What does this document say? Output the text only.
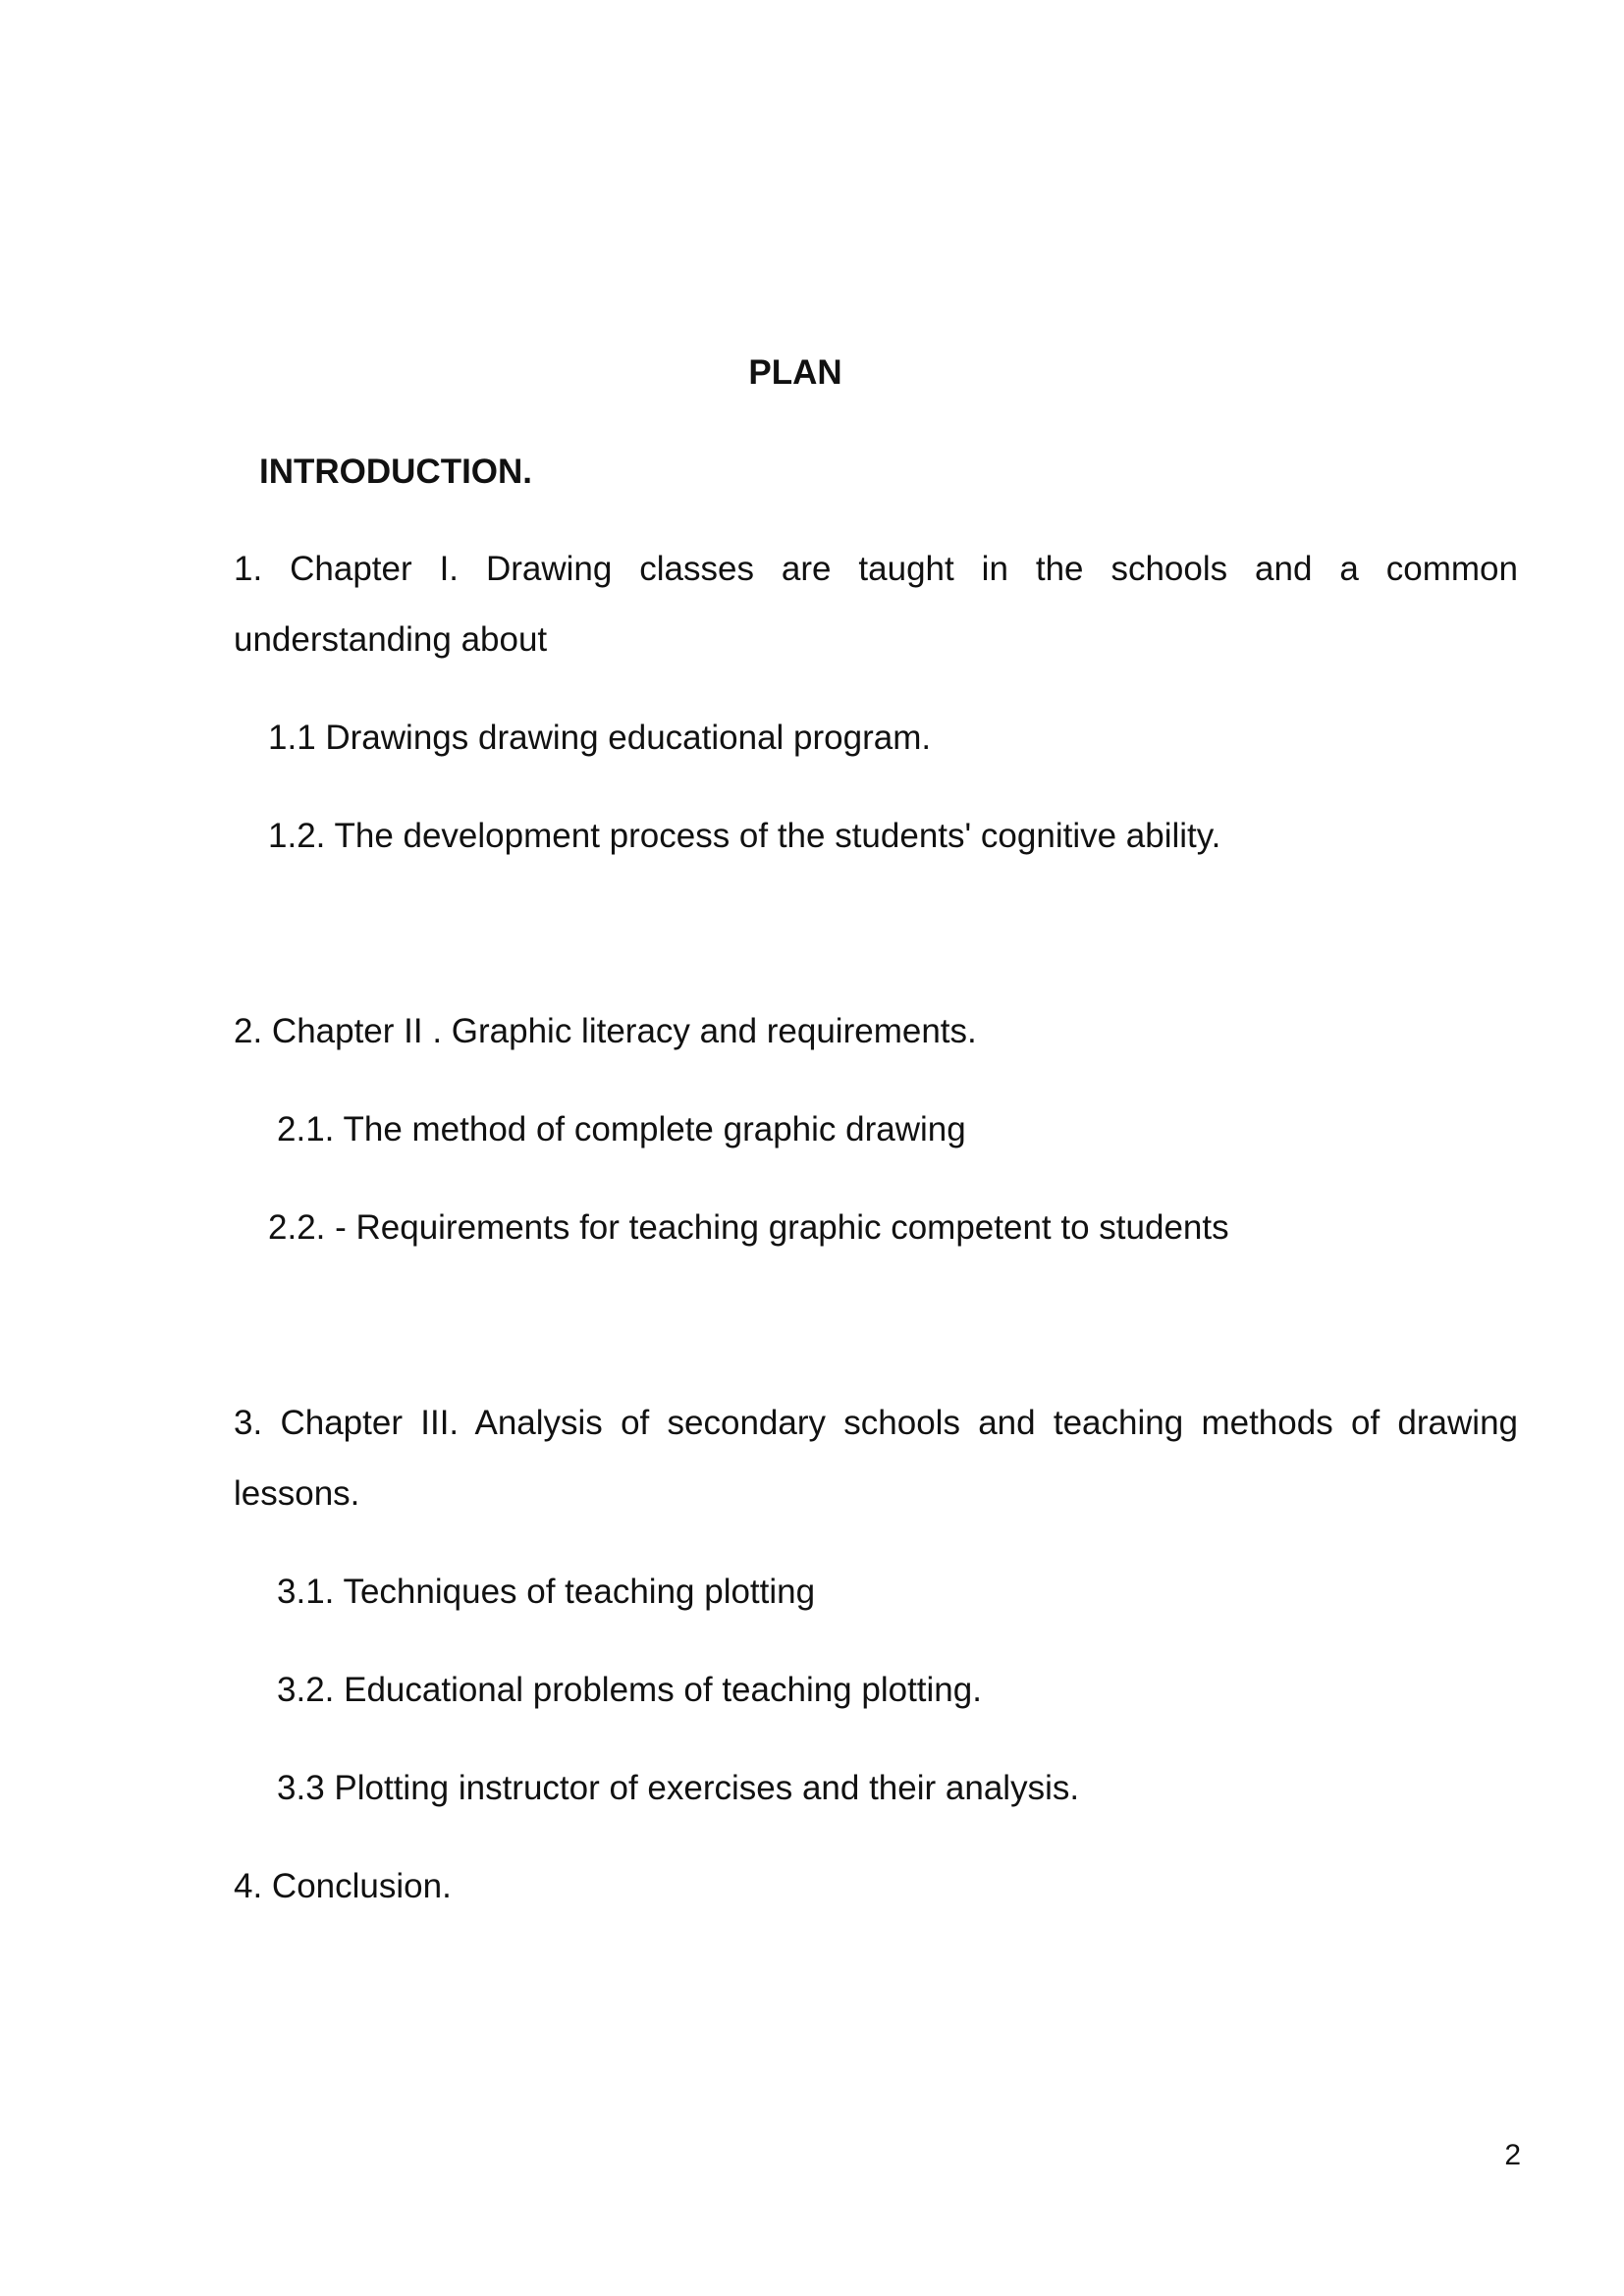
PLAN
INTRODUCTION.
1. Chapter I. Drawing classes are taught in the schools and a common
understanding about
1.1 Drawings drawing educational program.
1.2. The development process of the students' cognitive ability.
2. Chapter II . Graphic literacy and requirements.
2.1. The method of complete graphic drawing
2.2. - Requirements for teaching graphic competent to students
3. Chapter III. Analysis of secondary schools and teaching methods of drawing
lessons.
3.1. Techniques of teaching plotting
3.2. Educational problems of teaching plotting.
3.3 Plotting instructor of exercises and their analysis.
4. Conclusion.
2
